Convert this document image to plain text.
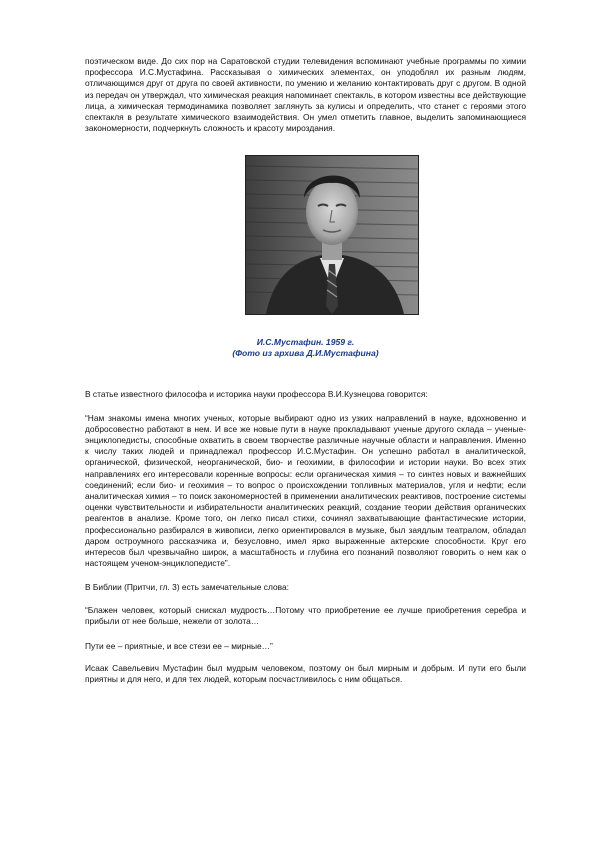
поэтическом виде. До сих пор на Саратовской студии телевидения вспоминают учебные программы по химии профессора И.С.Мустафина. Рассказывая о химических элементах, он уподоблял их разным людям, отличающимся друг от друга по своей активности, по умению и желанию контактировать друг с другом. В одной из передач он утверждал, что химическая реакция напоминает спектакль, в котором известны все действующие лица, а химическая термодинамика позволяет заглянуть за кулисы и определить, что станет с героями этого спектакля в результате химического взаимодействия. Он умел отметить главное, выделить запоминающиеся закономерности, подчеркнуть сложность и красоту мироздания.

И.С.Мустафин. 1959 г.
(Фото из архива Д.И.Мустафина)

В статье известного философа и историка науки профессора В.И.Кузнецова говорится:

“Нам знакомы имена многих ученых, которые выбирают одно из узких направлений в науке, вдохновенно и добросовестно работают в нем. И все же новые пути в науке прокладывают ученые другого склада – ученые-энциклопедисты, способные охватить в своем творчестве различные научные области и направления. Именно к числу таких людей и принадлежал профессор И.С.Мустафин. Он успешно работал в аналитической, органической, физической, неорганической, био- и геохимии, в философии и истории науки. Во всех этих направлениях его интересовали коренные вопросы: если органическая химия – то синтез новых и важнейших соединений; если био- и геохимия – то вопрос о происхождении топливных материалов, угля и нефти; если аналитическая химия – то поиск закономерностей в применении аналитических реактивов, построение системы оценки чувствительности и избирательности аналитических реакций, создание теории действия органических реагентов в анализе. Кроме того, он легко писал стихи, сочинял захватывающие фантастические истории, профессионально разбирался в живописи, легко ориентировался в музыке, был заядлым театралом, обладал даром остроумного рассказчика и, безусловно, имел ярко выраженные актерские способности. Круг его интересов был чрезвычайно широк, а масштабность и глубина его познаний позволяют говорить о нем как о настоящем ученом-энциклопедисте”.

В Библии (Притчи, гл. 3) есть замечательные слова:

“Блажен человек, который снискал мудрость…Потому что приобретение ее лучше приобретения серебра и прибыли от нее больше, нежели от золота…

Пути ее – приятные, и все стези ее – мирные…”

Исаак Савельевич Мустафин был мудрым человеком, поэтому он был мирным и добрым. И пути его были приятны и для него, и для тех людей, которым посчастливилось с ним общаться.
